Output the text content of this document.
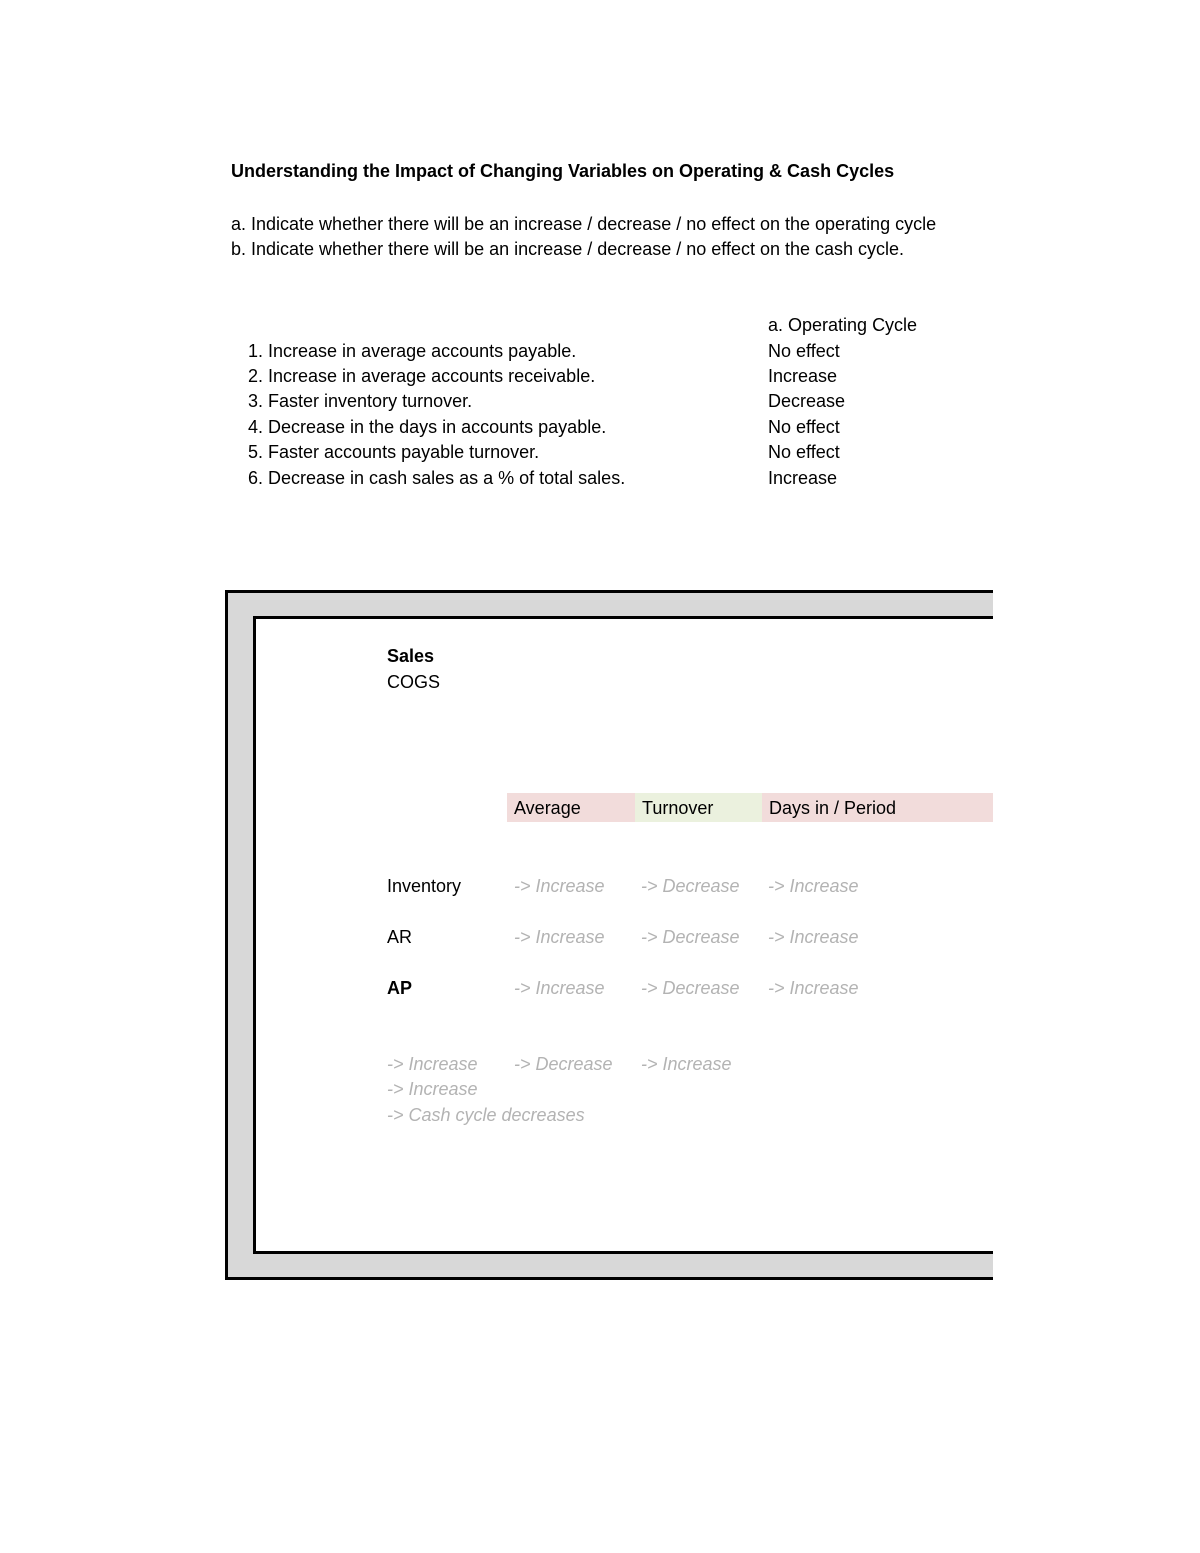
Understanding the Impact of Changing Variables on Operating & Cash Cycles
a. Indicate whether there will be an increase / decrease / no effect on the operating cycle
b. Indicate whether there will be an increase / decrease / no effect on the cash cycle.
a. Operating Cycle
1. Increase in average accounts payable.	No effect
2. Increase in average accounts receivable.	Increase
3. Faster inventory turnover.	Decrease
4. Decrease in the days in accounts payable.	No effect
5. Faster accounts payable turnover.	No effect
6. Decrease in cash sales as a % of total sales.	Increase
Sales
COGS
Average	Turnover	Days in / Period
Inventory	-> Increase -> Decrease -> Increase
AR	-> Increase -> Decrease -> Increase
AP	-> Increase -> Decrease -> Increase
-> Increase -> Decrease -> Increase
-> Increase
-> Cash cycle decreases
